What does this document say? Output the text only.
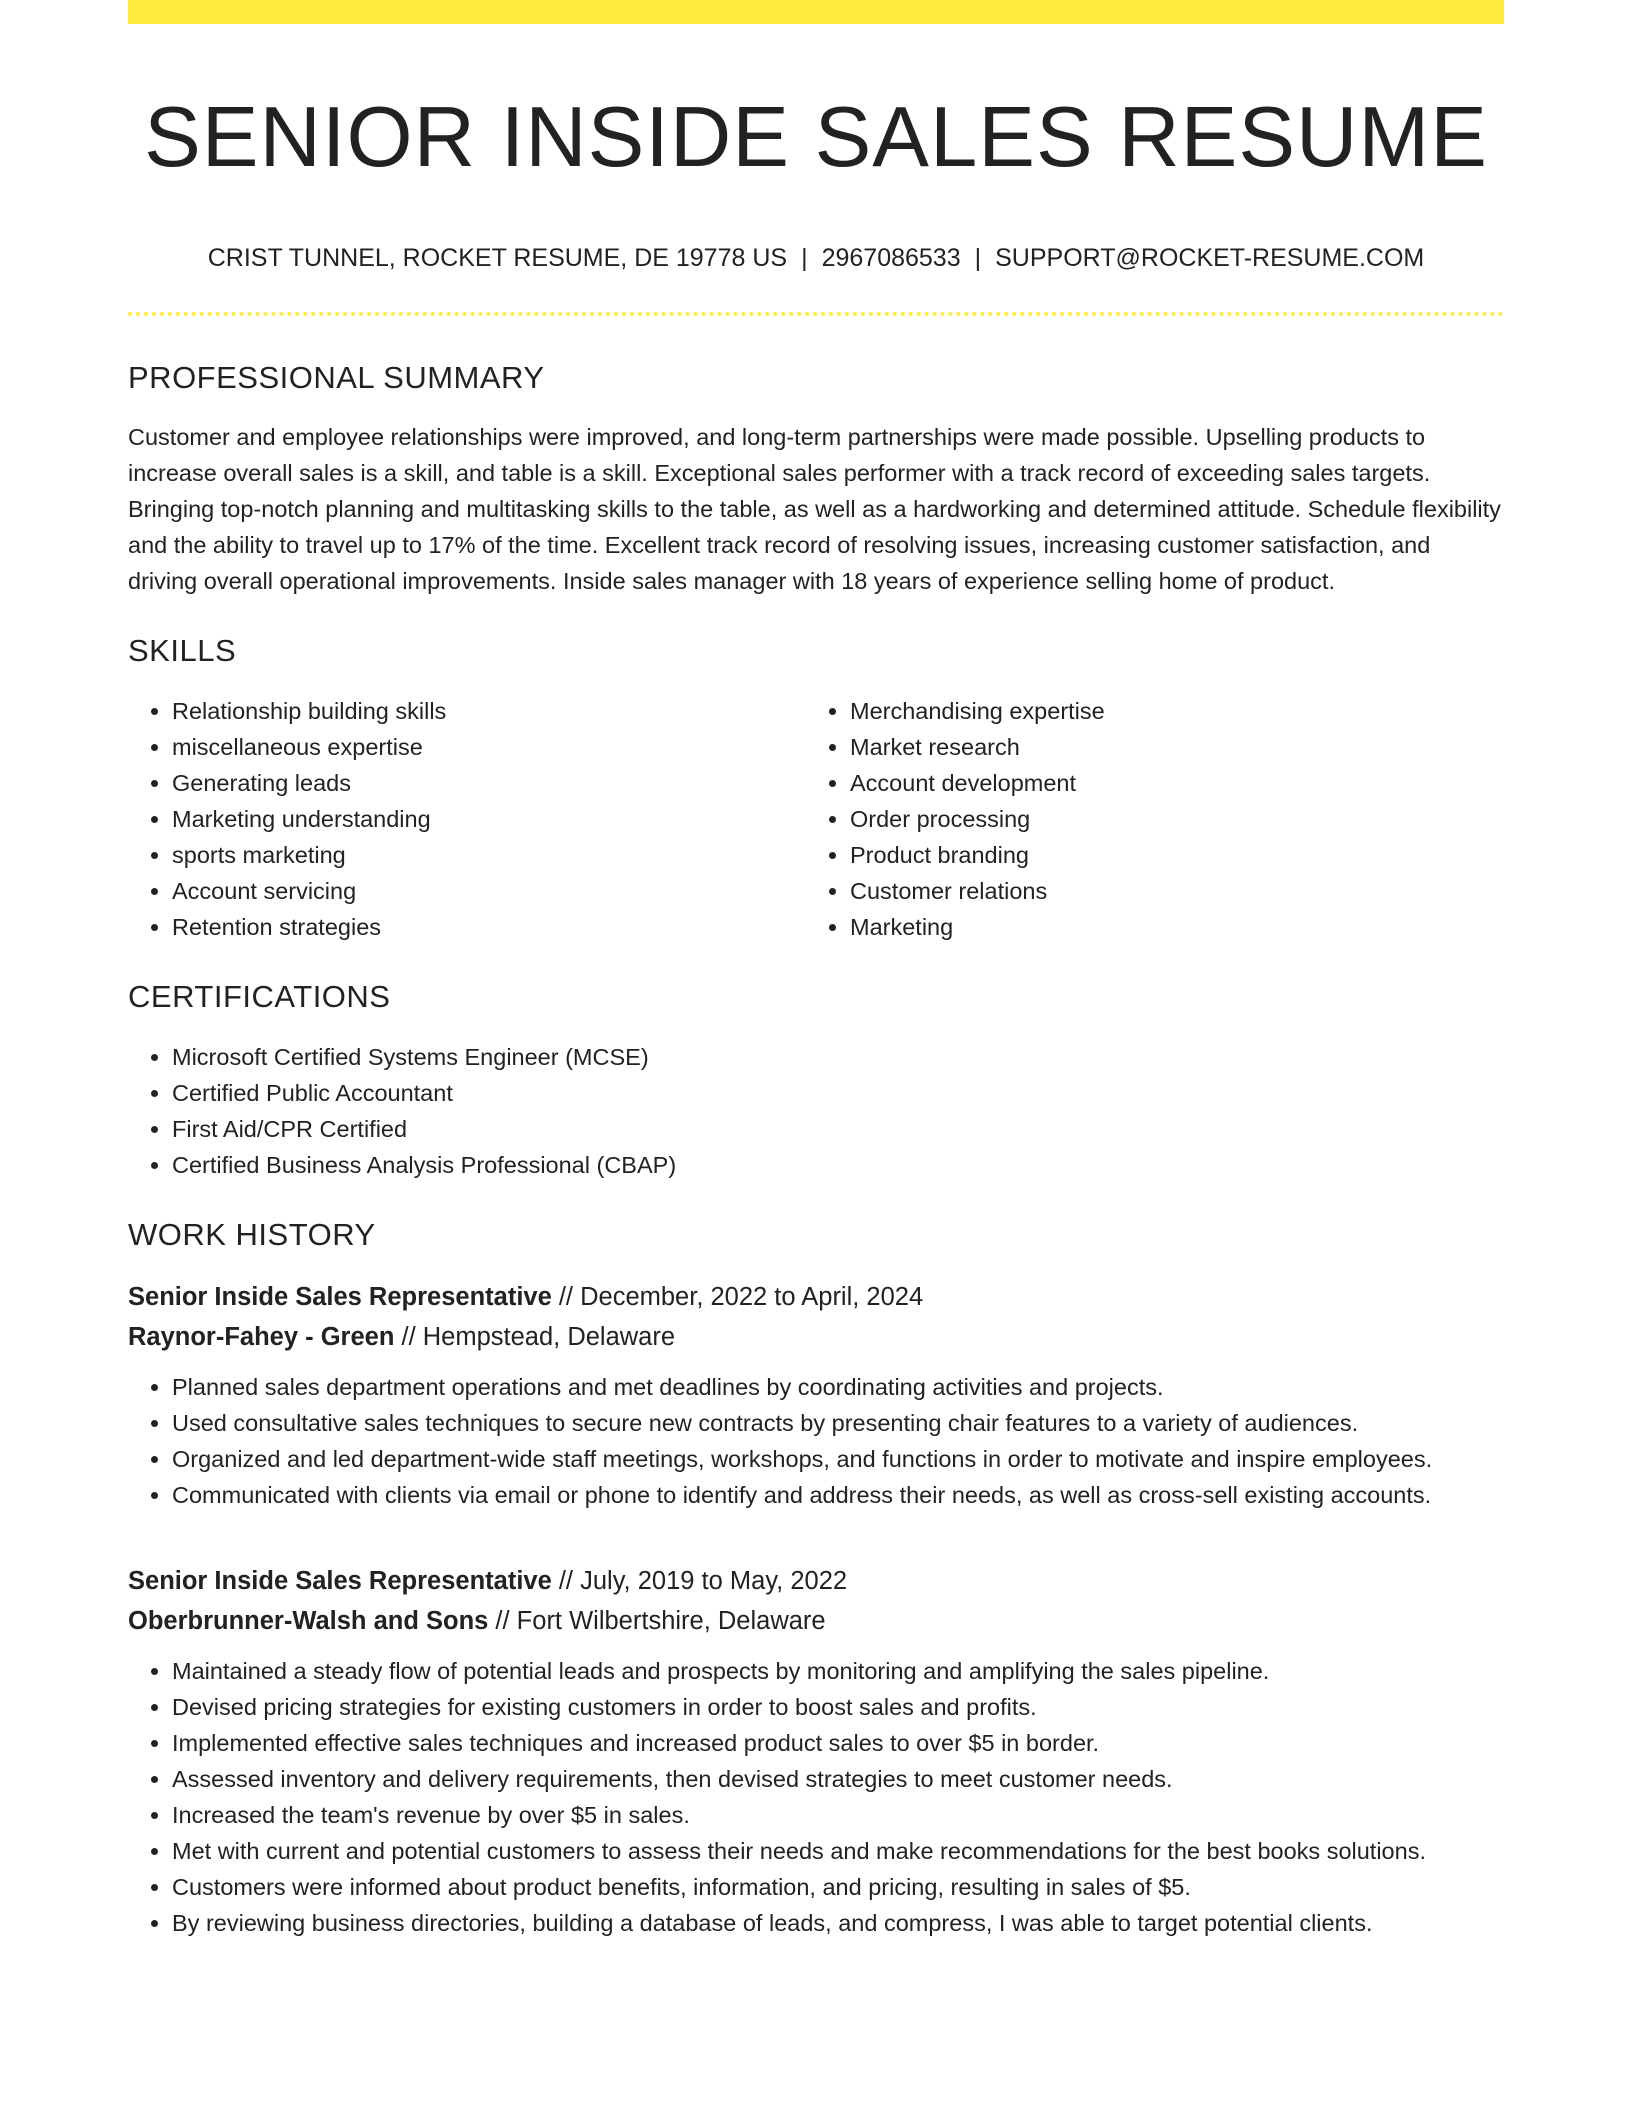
SENIOR INSIDE SALES RESUME
CRIST TUNNEL, ROCKET RESUME, DE 19778 US | 2967086533 | SUPPORT@ROCKET-RESUME.COM
PROFESSIONAL SUMMARY

Customer and employee relationships were improved, and long-term partnerships were made possible. Upselling products to increase overall sales is a skill, and table is a skill. Exceptional sales performer with a track record of exceeding sales targets. Bringing top-notch planning and multitasking skills to the table, as well as a hardworking and determined attitude. Schedule flexibility and the ability to travel up to 17% of the time. Excellent track record of resolving issues, increasing customer satisfaction, and driving overall operational improvements. Inside sales manager with 18 years of experience selling home of product.

SKILLS
• Relationship building skills
• miscellaneous expertise
• Generating leads
• Marketing understanding
• sports marketing
• Account servicing
• Retention strategies
• Merchandising expertise
• Market research
• Account development
• Order processing
• Product branding
• Customer relations
• Marketing
CERTIFICATIONS
• Microsoft Certified Systems Engineer (MCSE)
• Certified Public Accountant
• First Aid/CPR Certified
• Certified Business Analysis Professional (CBAP)
WORK HISTORY
Senior Inside Sales Representative // December, 2022 to April, 2024
Raynor-Fahey - Green // Hempstead, Delaware
• Planned sales department operations and met deadlines by coordinating activities and projects.
• Used consultative sales techniques to secure new contracts by presenting chair features to a variety of audiences.
• Organized and led department-wide staff meetings, workshops, and functions in order to motivate and inspire employees.
• Communicated with clients via email or phone to identify and address their needs, as well as cross-sell existing accounts.
Senior Inside Sales Representative // July, 2019 to May, 2022
Oberbrunner-Walsh and Sons // Fort Wilbertshire, Delaware
• Maintained a steady flow of potential leads and prospects by monitoring and amplifying the sales pipeline.
• Devised pricing strategies for existing customers in order to boost sales and profits.
• Implemented effective sales techniques and increased product sales to over $5 in border.
• Assessed inventory and delivery requirements, then devised strategies to meet customer needs.
• Increased the team's revenue by over $5 in sales.
• Met with current and potential customers to assess their needs and make recommendations for the best books solutions.
• Customers were informed about product benefits, information, and pricing, resulting in sales of $5.
• By reviewing business directories, building a database of leads, and compress, I was able to target potential clients.
